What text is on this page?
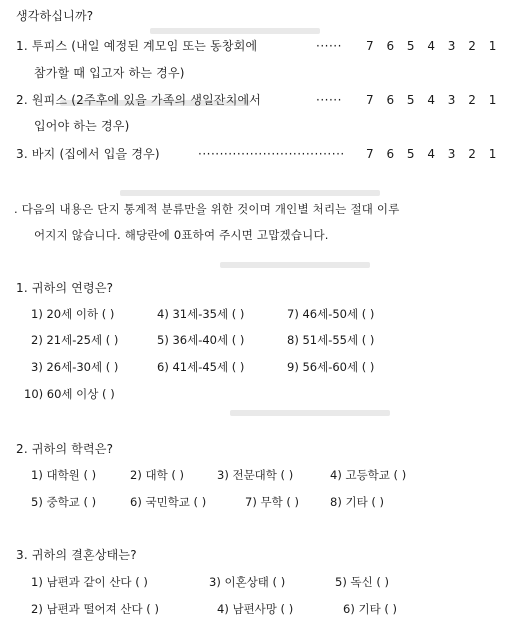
생각하십니까?
1. 투피스 (내일 예정된 계모임 또는 동창회에	······ 7 6 5 4 3 2 1
참가할 때 입고자 하는 경우)
2. 원피스 (2주후에 있을 가족의 생일잔치에서	······ 7 6 5 4 3 2 1
입어야 하는 경우)
3. 바지 (집에서 입을 경우)	·································· 7 6 5 4 3 2 1
. 다음의 내용은 단지 통계적 분류만을 위한 것이며 개인별 처리는 절대 이루
어지지 않습니다. 해당란에 0표하여 주시면 고맙겠습니다.
1. 귀하의 연령은?
1) 20세 이하 ( )	4) 31세-35세 ( )	7) 46세-50세 ( )
2) 21세-25세 ( )	5) 36세-40세 ( )	8) 51세-55세 ( )
3) 26세-30세 ( )	6) 41세-45세 ( )	9) 56세-60세 ( )
10) 60세 이상 ( )
2. 귀하의 학력은?
1) 대학원 ( )	2) 대학 ( )	3) 전문대학 ( )	4) 고등학교 ( )
5) 중학교 ( )	6) 국민학교 ( )	7) 무학 ( )	8) 기타 ( )
3. 귀하의 결혼상태는?
1) 남편과 같이 산다 ( )	3) 이혼상태 ( )	5) 독신 ( )
2) 남편과 떨어져 산다 ( )	4) 남편사망 ( )	6) 기타 ( )
